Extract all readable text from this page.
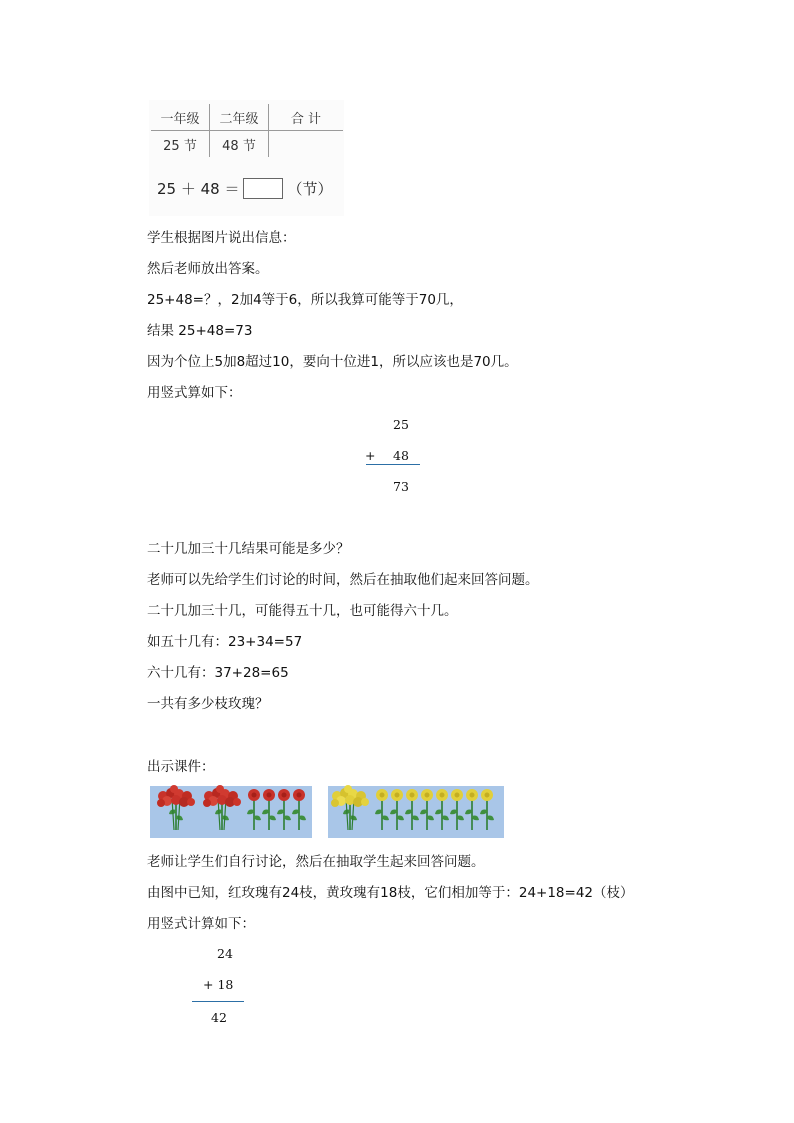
一年级	二年级	合 计
25 节	48 节	
25 ＋ 48 ＝	（节）
学生根据图片说出信息：
然后老师放出答案。
25+48=？，2加4等于6，所以我算可能等于70几，
结果 25+48=73
因为个位上5加8超过10，要向十位进1，所以应该也是70几。
用竖式算如下：
25
+ 48
73
二十几加三十几结果可能是多少？
老师可以先给学生们讨论的时间，然后在抽取他们起来回答问题。
二十几加三十几，可能得五十几，也可能得六十几。
如五十几有：23+34=57
六十几有：37+28=65
一共有多少枝玫瑰？
出示课件：
老师让学生们自行讨论，然后在抽取学生起来回答问题。
由图中已知，红玫瑰有24枝，黄玫瑰有18枝，它们相加等于：24+18=42（枝）
用竖式计算如下：
24
+ 18
42
